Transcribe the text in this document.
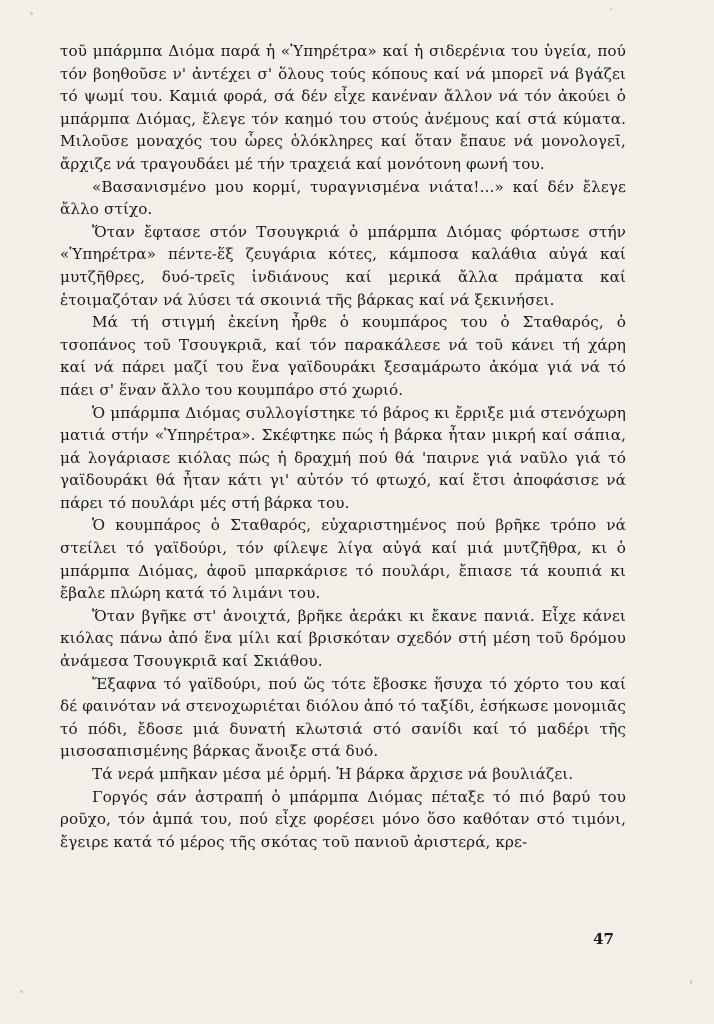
τοῦ μπάρμπα Διόμα παρά ἡ «Ὑπηρέτρα» καί ἡ σιδερένια του ὑγεία, πού τόν βοηθοῦσε ν' ἀντέχει σ' ὅλους τούς κόπους καί νά μπορεῖ νά βγάζει τό ψωμί του. Καμιά φορά, σά δέν εἶχε κανέναν ἄλλον νά τόν ἀκούει ὁ μπάρμπα Διόμας, ἔλεγε τόν καημό του στούς ἀνέμους καί στά κύματα. Μιλοῦσε μοναχός του ὧρες ὁλόκληρες καί ὅταν ἔπαυε νά μονολογεῖ, ἄρχιζε νά τραγουδάει μέ τήν τραχειά καί μονότονη φωνή του.

«Βασανισμένο μου κορμί, τυραγνισμένα νιάτα!...» καί δέν ἔλεγε ἄλλο στίχο.

Ὅταν ἔφτασε στόν Τσουγκριά ὁ μπάρμπα Διόμας φόρτωσε στήν «Ὑπηρέτρα» πέντε-ἕξ ζευγάρια κότες, κάμποσα καλάθια αὐγά καί μυτζῆθρες, δυό-τρεῖς ἰνδιάνους καί μερικά ἄλλα πράματα καί ἑτοιμαζόταν νά λύσει τά σκοινιά τῆς βάρκας καί νά ξεκινήσει.

Μά τή στιγμή ἐκείνη ἦρθε ὁ κουμπάρος του ὁ Σταθαρός, ὁ τσοπάνος τοῦ Τσουγκριᾶ, καί τόν παρακάλεσε νά τοῦ κάνει τή χάρη καί νά πάρει μαζί του ἕνα γαϊδουράκι ξεσαμάρωτο ἀκόμα γιά νά τό πάει σ' ἕναν ἄλλο του κουμπάρο στό χωριό.

Ὁ μπάρμπα Διόμας συλλογίστηκε τό βάρος κι ἔρριξε μιά στενόχωρη ματιά στήν «Ὑπηρέτρα». Σκέφτηκε πώς ἡ βάρκα ἦταν μικρή καί σάπια, μά λογάριασε κιόλας πώς ἡ δραχμή πού θά 'παιρνε γιά ναῦλο γιά τό γαϊδουράκι θά ἦταν κάτι γι' αὐτόν τό φτωχό, καί ἔτσι ἀποφάσισε νά πάρει τό πουλάρι μές στή βάρκα του.

Ὁ κουμπάρος ὁ Σταθαρός, εὐχαριστημένος πού βρῆκε τρόπο νά στείλει τό γαϊδούρι, τόν φίλεψε λίγα αὐγά καί μιά μυτζῆθρα, κι ὁ μπάρμπα Διόμας, ἀφοῦ μπαρκάρισε τό πουλάρι, ἔπιασε τά κουπιά κι ἔβαλε πλώρη κατά τό λιμάνι του.

Ὅταν βγῆκε στ' ἀνοιχτά, βρῆκε ἀεράκι κι ἔκανε πανιά. Εἶχε κάνει κιόλας πάνω ἀπό ἕνα μίλι καί βρισκόταν σχεδόν στή μέση τοῦ δρόμου ἀνάμεσα Τσουγκριᾶ καί Σκιάθου.

Ἔξαφνα τό γαϊδούρι, πού ὥς τότε ἔβοσκε ἥσυχα τό χόρτο του καί δέ φαινόταν νά στενοχωριέται διόλου ἀπό τό ταξίδι, ἐσήκωσε μονομιᾶς τό πόδι, ἔδοσε μιά δυνατή κλωτσιά στό σανίδι καί τό μαδέρι τῆς μισοσαπισμένης βάρκας ἄνοιξε στά δυό.

Τά νερά μπῆκαν μέσα μέ ὁρμή. Ἡ βάρκα ἄρχισε νά βουλιάζει.

Γοργός σάν ἀστραπή ὁ μπάρμπα Διόμας πέταξε τό πιό βαρύ του ροῦχο, τόν ἀμπά του, πού εἶχε φορέσει μόνο ὅσο καθόταν στό τιμόνι, ἔγειρε κατά τό μέρος τῆς σκότας τοῦ πανιοῦ ἀριστερά, κρε-

47
